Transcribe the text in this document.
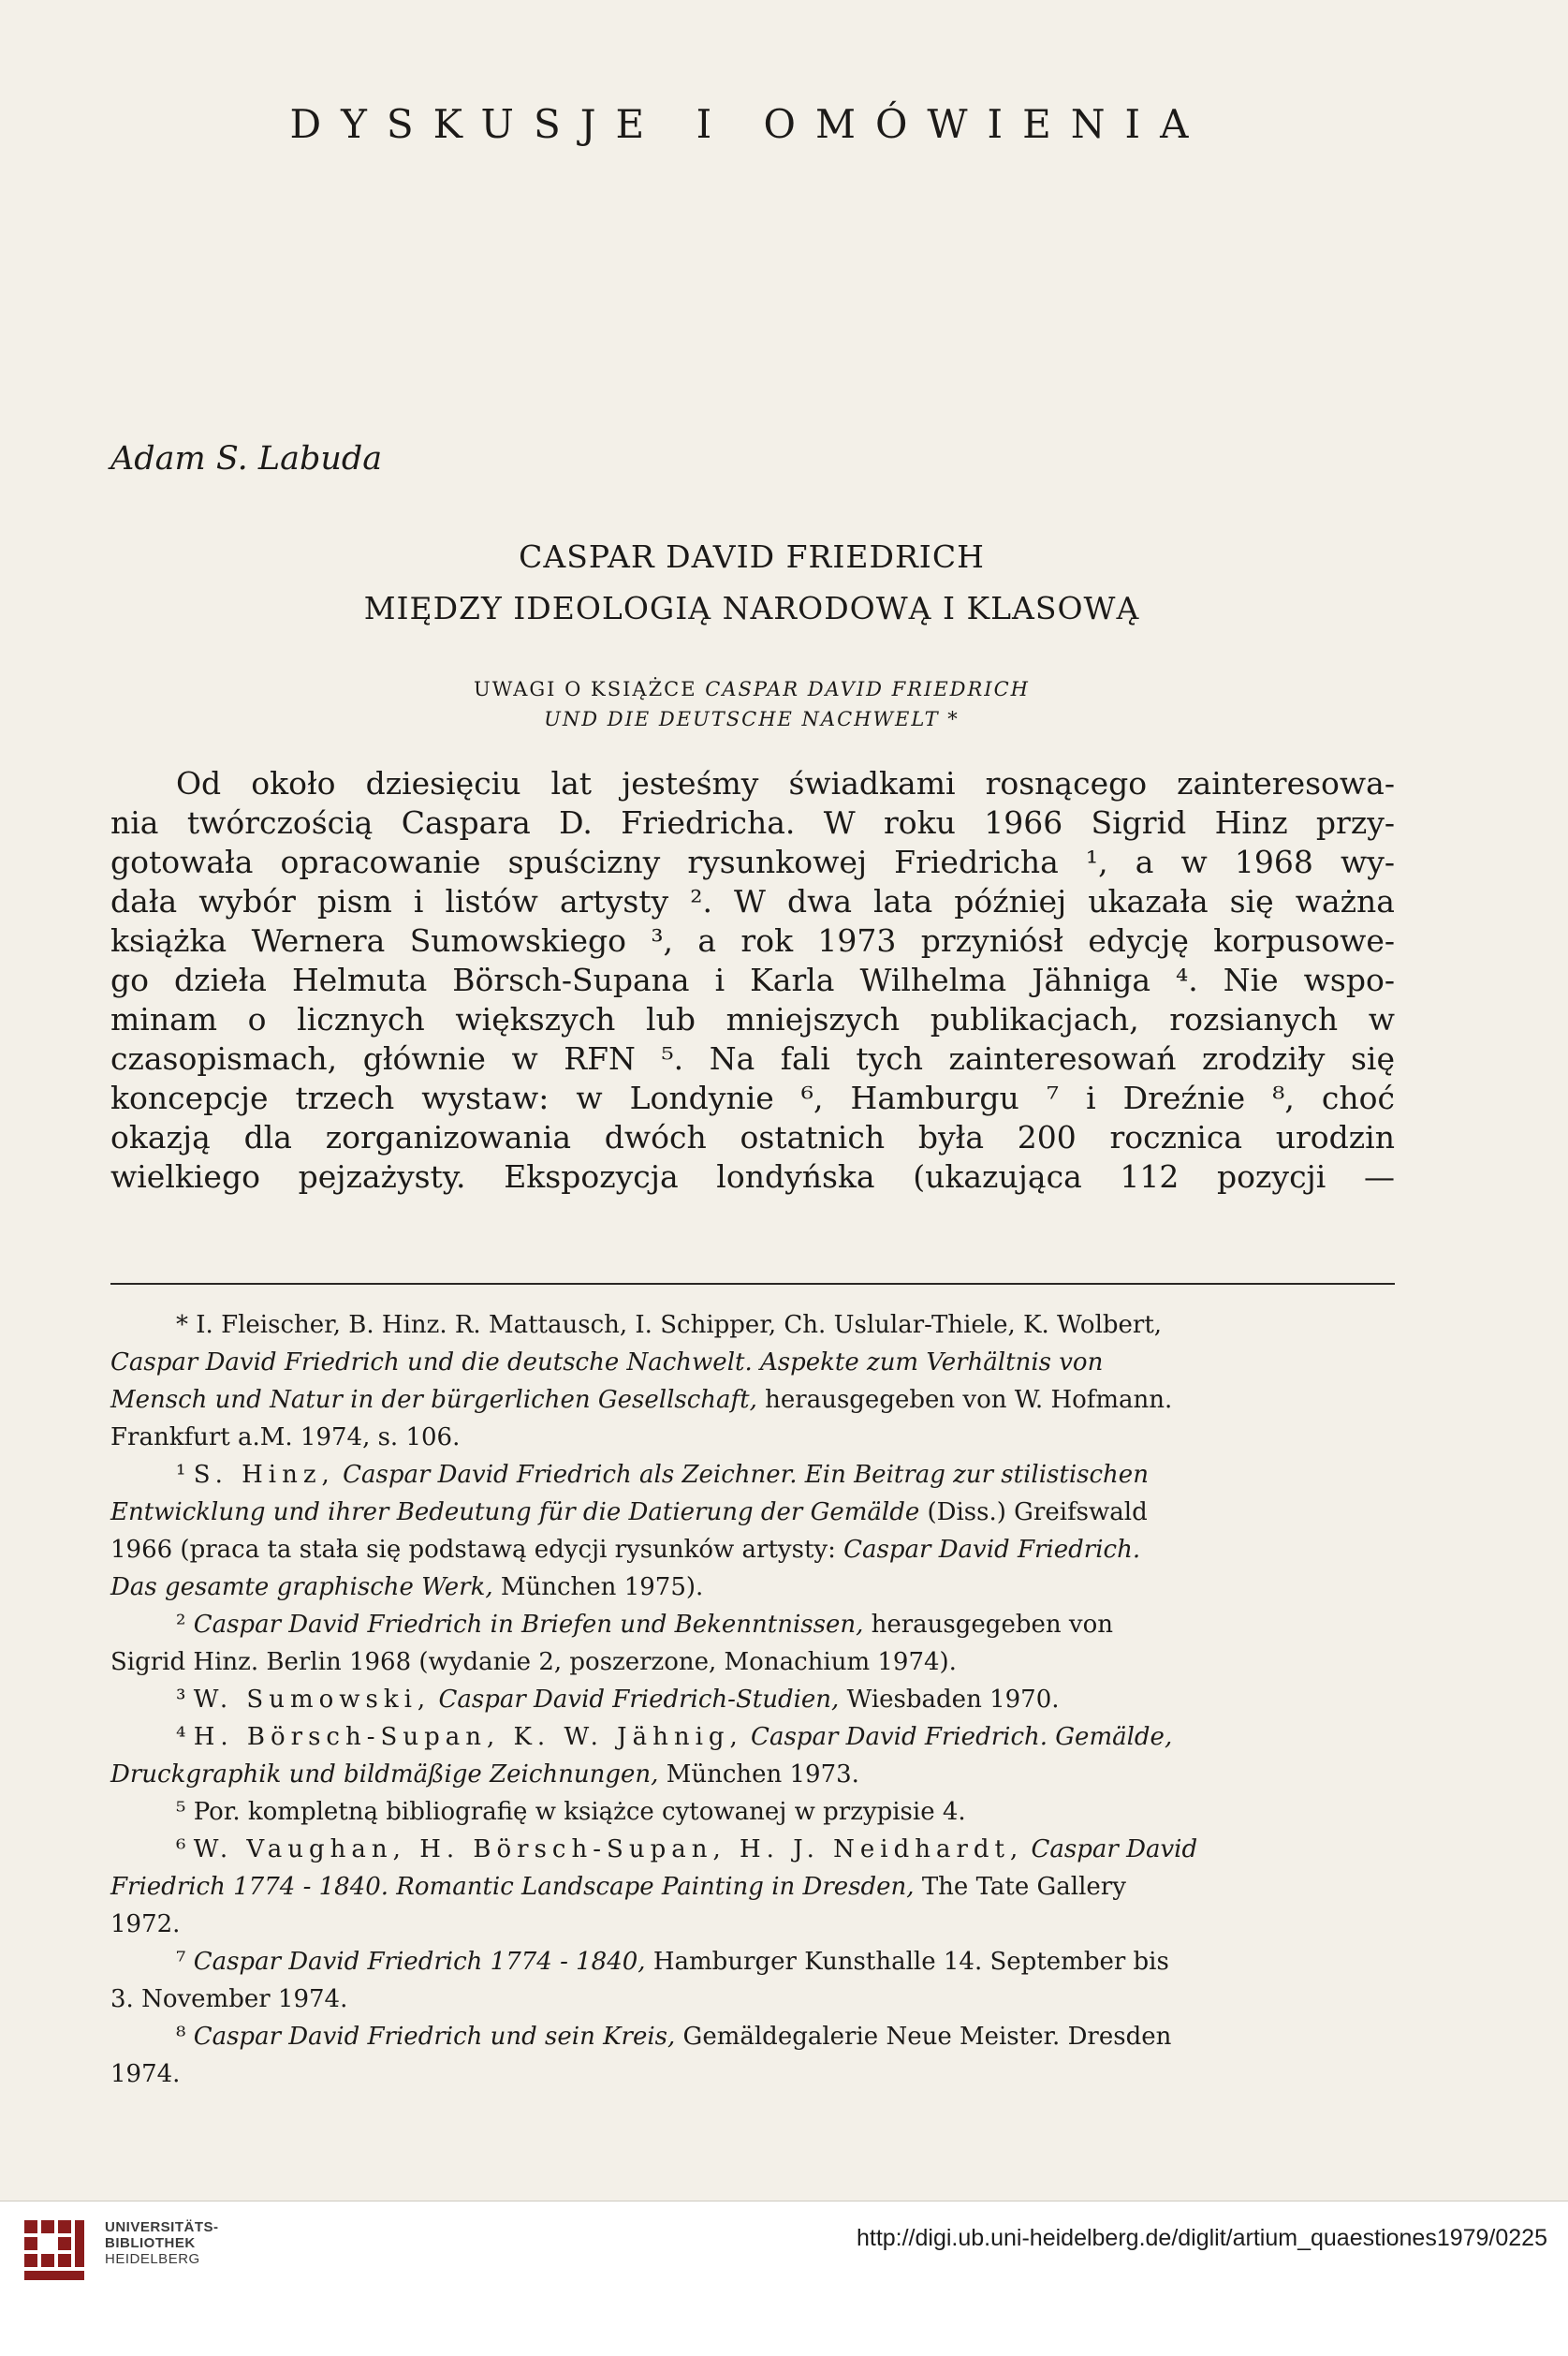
DYSKUSJE I OMÓWIENIA
Adam S. Labuda
CASPAR DAVID FRIEDRICH
MIĘDZY IDEOLOGIĄ NARODOWĄ I KLASOWĄ
UWAGI O KSIĄŻCE CASPAR DAVID FRIEDRICH
UND DIE DEUTSCHE NACHWELT *
Od około dziesięciu lat jesteśmy świadkami rosnącego zainteresowa-
nia twórczością Caspara D. Friedricha. W roku 1966 Sigrid Hinz przy-
gotowała opracowanie spuścizny rysunkowej Friedricha ¹, a w 1968 wy-
dała wybór pism i listów artysty ². W dwa lata później ukazała się ważna
książka Wernera Sumowskiego ³, a rok 1973 przyniósł edycję korpusowe-
go dzieła Helmuta Börsch-Supana i Karla Wilhelma Jähniga ⁴. Nie wspo-
minam o licznych większych lub mniejszych publikacjach, rozsianych w
czasopismach, głównie w RFN ⁵. Na fali tych zainteresowań zrodziły się
koncepcje trzech wystaw: w Londynie ⁶, Hamburgu ⁷ i Dreźnie ⁸, choć
okazją dla zorganizowania dwóch ostatnich była 200 rocznica urodzin
wielkiego pejzażysty. Ekspozycja londyńska (ukazująca 112 pozycji —
* I. Fleischer, B. Hinz. R. Mattausch, I. Schipper, Ch. Uslular-Thiele, K. Wolbert,
Caspar David Friedrich und die deutsche Nachwelt. Aspekte zum Verhältnis von
Mensch und Natur in der bürgerlichen Gesellschaft, herausgegeben von W. Hofmann.
Frankfurt a.M. 1974, s. 106.
¹ S. Hinz, Caspar David Friedrich als Zeichner. Ein Beitrag zur stilistischen
Entwicklung und ihrer Bedeutung für die Datierung der Gemälde (Diss.) Greifswald
1966 (praca ta stała się podstawą edycji rysunków artysty: Caspar David Friedrich.
Das gesamte graphische Werk, München 1975).
² Caspar David Friedrich in Briefen und Bekenntnissen, herausgegeben von
Sigrid Hinz. Berlin 1968 (wydanie 2, poszerzone, Monachium 1974).
³ W. Sumowski, Caspar David Friedrich-Studien, Wiesbaden 1970.
⁴ H. Börsch-Supan, K. W. Jähnig, Caspar David Friedrich. Gemälde,
Druckgraphik und bildmäßige Zeichnungen, München 1973.
⁵ Por. kompletną bibliografię w książce cytowanej w przypisie 4.
⁶ W. Vaughan, H. Börsch-Supan, H. J. Neidhardt, Caspar David
Friedrich 1774 - 1840. Romantic Landscape Painting in Dresden, The Tate Gallery
1972.
⁷ Caspar David Friedrich 1774 - 1840, Hamburger Kunsthalle 14. September bis
3. November 1974.
⁸ Caspar David Friedrich und sein Kreis, Gemäldegalerie Neue Meister. Dresden
1974.
UNIVERSITÄTS-
BIBLIOTHEK
HEIDELBERG
http://digi.ub.uni-heidelberg.de/diglit/artium_quaestiones1979/0225
